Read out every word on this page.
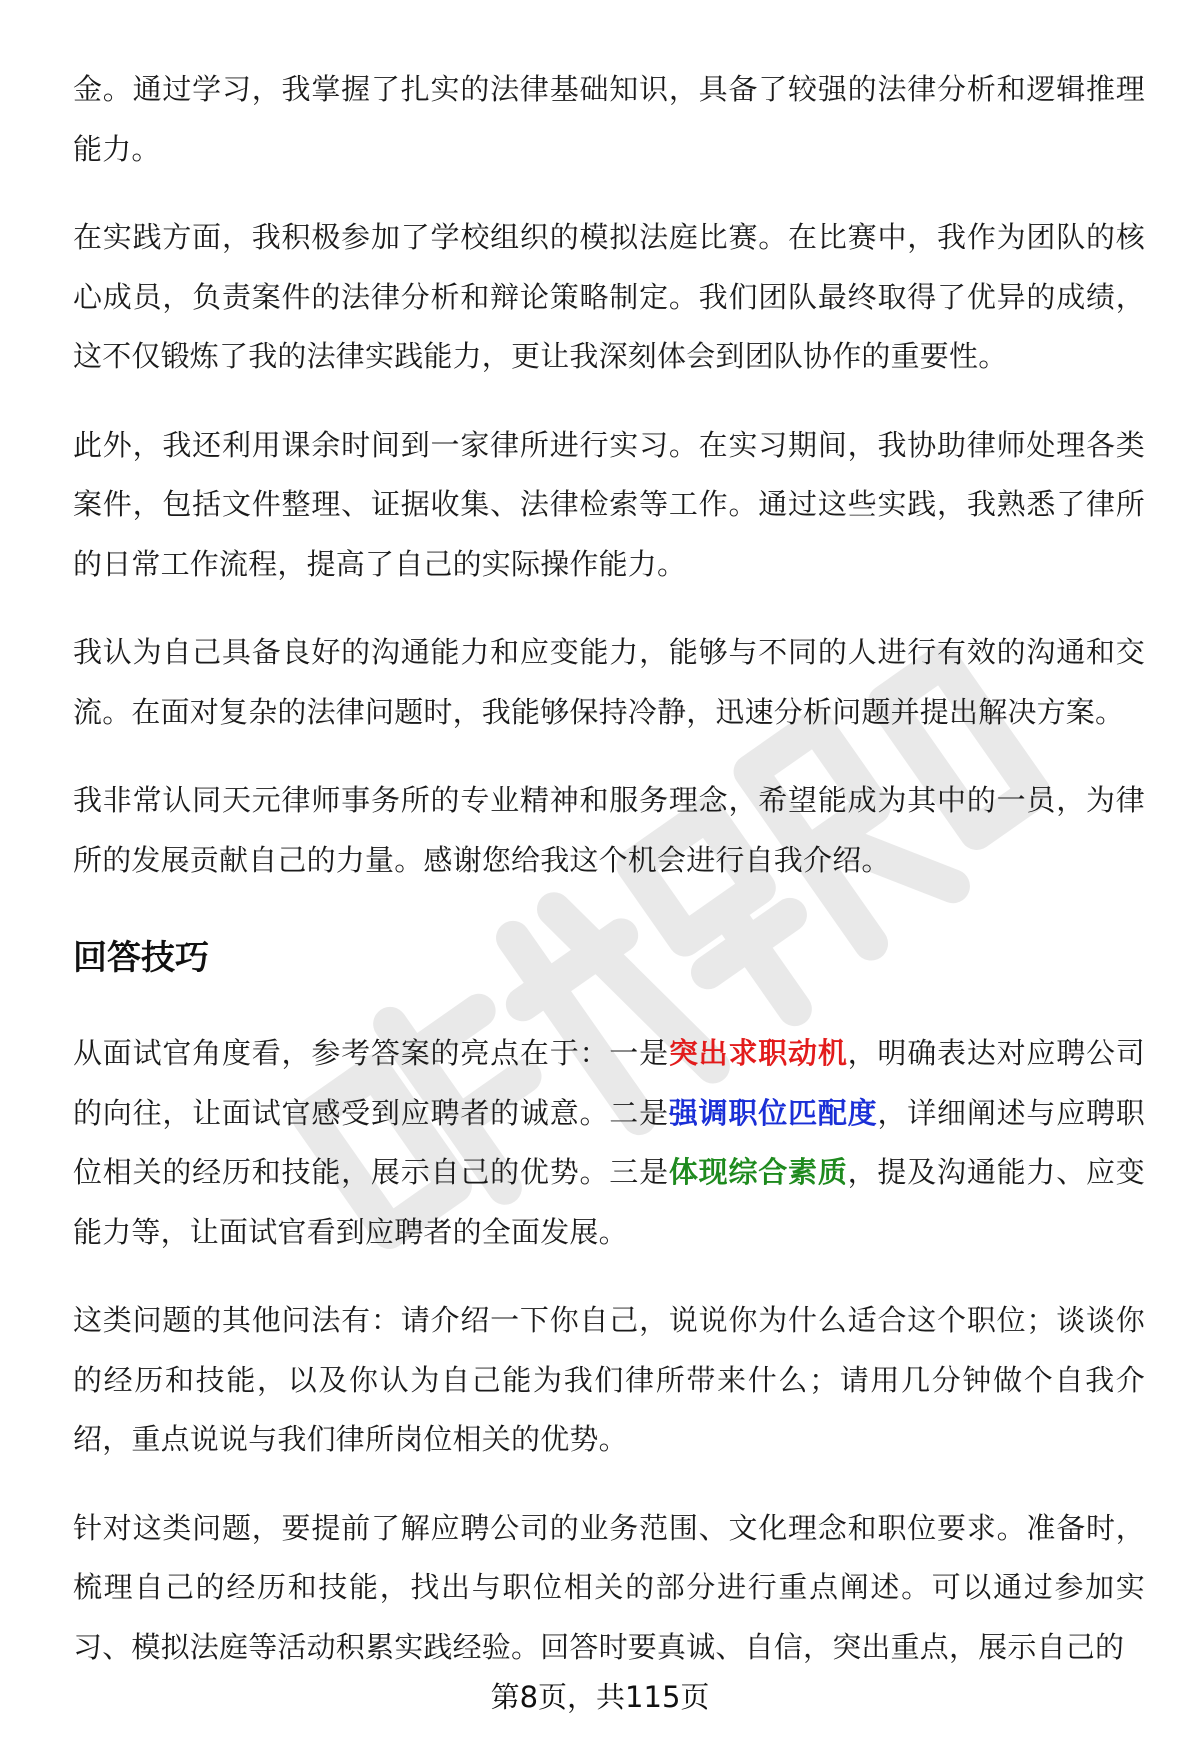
金。通过学习，我掌握了扎实的法律基础知识，具备了较强的法律分析和逻辑推理能力。

在实践方面，我积极参加了学校组织的模拟法庭比赛。在比赛中，我作为团队的核心成员，负责案件的法律分析和辩论策略制定。我们团队最终取得了优异的成绩，这不仅锻炼了我的法律实践能力，更让我深刻体会到团队协作的重要性。

此外，我还利用课余时间到一家律所进行实习。在实习期间，我协助律师处理各类案件，包括文件整理、证据收集、法律检索等工作。通过这些实践，我熟悉了律所的日常工作流程，提高了自己的实际操作能力。

我认为自己具备良好的沟通能力和应变能力，能够与不同的人进行有效的沟通和交流。在面对复杂的法律问题时，我能够保持冷静，迅速分析问题并提出解决方案。

我非常认同天元律师事务所的专业精神和服务理念，希望能成为其中的一员，为律所的发展贡献自己的力量。感谢您给我这个机会进行自我介绍。

回答技巧

从面试官角度看，参考答案的亮点在于：一是突出求职动机，明确表达对应聘公司的向往，让面试官感受到应聘者的诚意。二是强调职位匹配度，详细阐述与应聘职位相关的经历和技能，展示自己的优势。三是体现综合素质，提及沟通能力、应变能力等，让面试官看到应聘者的全面发展。

这类问题的其他问法有：请介绍一下你自己，说说你为什么适合这个职位；谈谈你的经历和技能，以及你认为自己能为我们律所带来什么；请用几分钟做个自我介绍，重点说说与我们律所岗位相关的优势。

针对这类问题，要提前了解应聘公司的业务范围、文化理念和职位要求。准备时，梳理自己的经历和技能，找出与职位相关的部分进行重点阐述。可以通过参加实习、模拟法庭等活动积累实践经验。回答时要真诚、自信，突出重点，展示自己的

第8页，共115页
